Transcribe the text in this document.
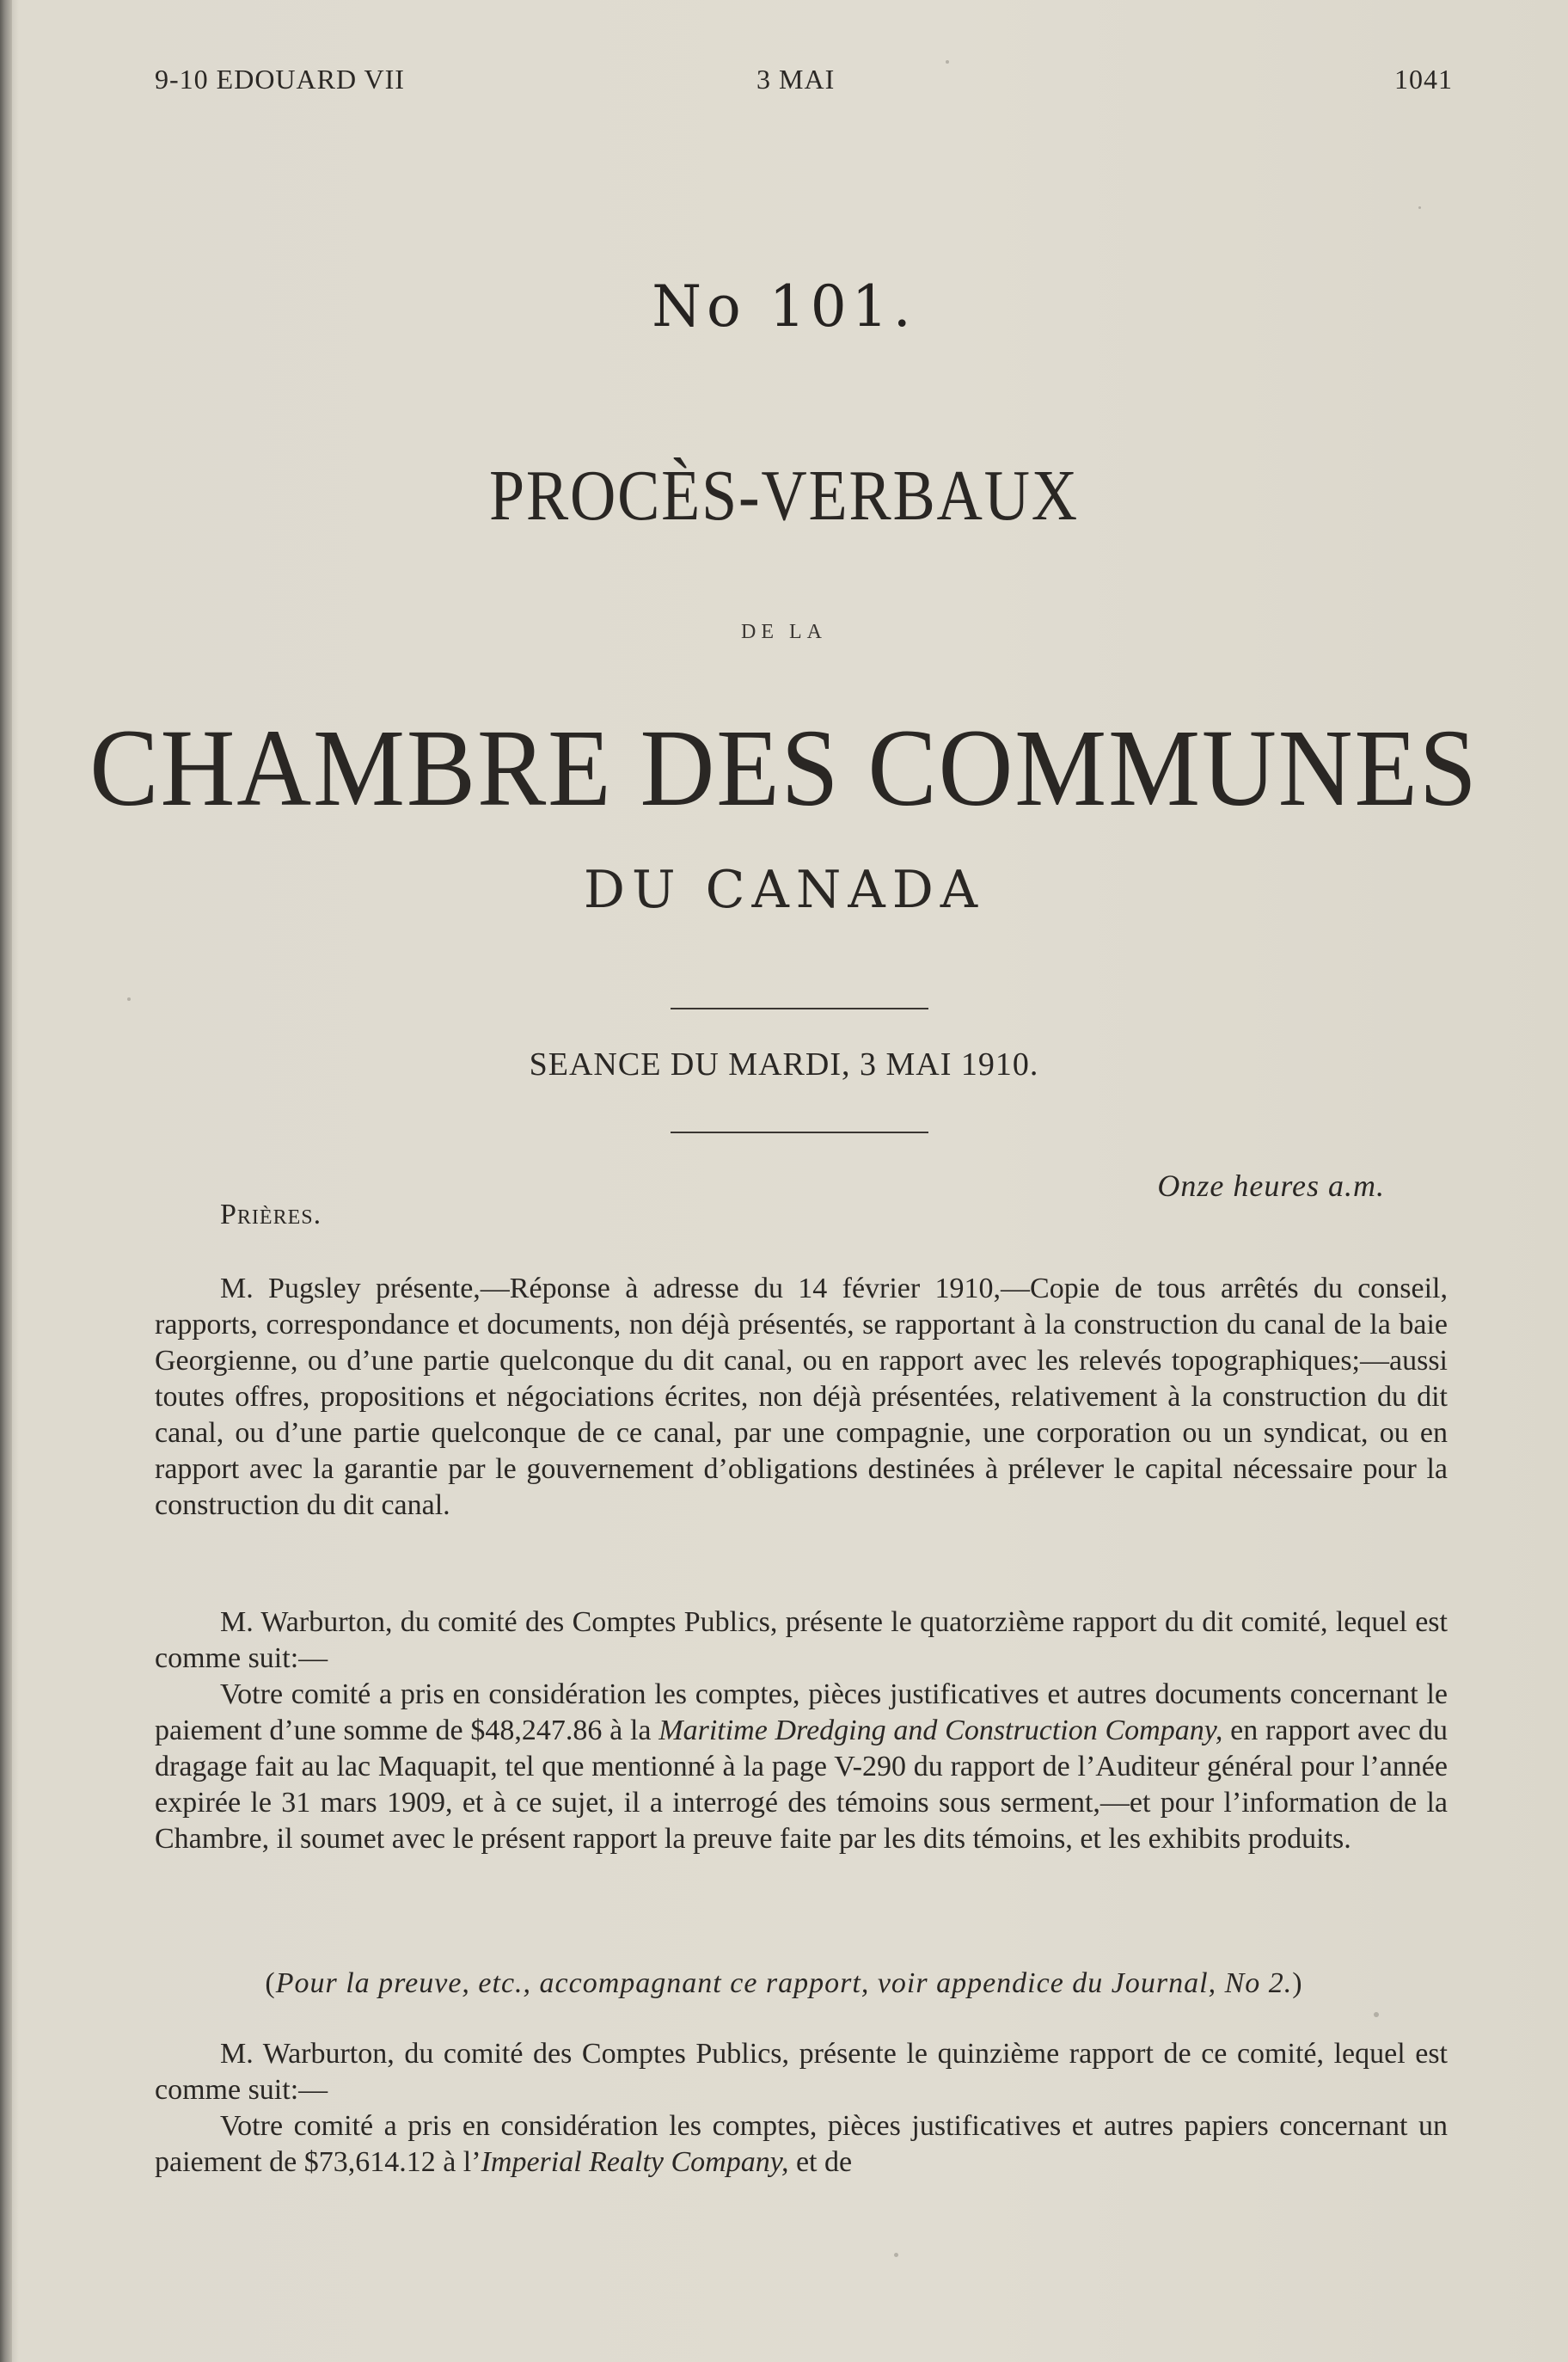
9-10 EDOUARD VII	3 MAI	1041
No 101.
PROCÈS-VERBAUX
DE LA
CHAMBRE DES COMMUNES
DU CANADA
SEANCE DU MARDI, 3 MAI 1910.
Onze heures a.m.
Prières.

M. Pugsley présente,—Réponse à adresse du 14 février 1910,—Copie de tous arrêtés du conseil, rapports, correspondance et documents, non déjà présentés, se rapportant à la construction du canal de la baie Georgienne, ou d’une partie quelconque du dit canal, ou en rapport avec les relevés topographiques;—aussi toutes offres, propositions et négociations écrites, non déjà présentées, relativement à la construction du dit canal, ou d’une partie quelconque de ce canal, par une compagnie, une corporation ou un syndicat, ou en rapport avec la garantie par le gouvernement d’obligations destinées à prélever le capital nécessaire pour la construction du dit canal.

M. Warburton, du comité des Comptes Publics, présente le quatorzième rapport du dit comité, lequel est comme suit:—

Votre comité a pris en considération les comptes, pièces justificatives et autres documents concernant le paiement d’une somme de $48,247.86 à la Maritime Dredging and Construction Company, en rapport avec du dragage fait au lac Maquapit, tel que mentionné à la page V-290 du rapport de l’Auditeur général pour l’année expirée le 31 mars 1909, et à ce sujet, il a interrogé des témoins sous serment,—et pour l’information de la Chambre, il soumet avec le présent rapport la preuve faite par les dits témoins, et les exhibits produits.

(Pour la preuve, etc., accompagnant ce rapport, voir appendice du Journal, No 2.)

M. Warburton, du comité des Comptes Publics, présente le quinzième rapport de ce comité, lequel est comme suit:—

Votre comité a pris en considération les comptes, pièces justificatives et autres papiers concernant un paiement de $73,614.12 à l’Imperial Realty Company, et de
